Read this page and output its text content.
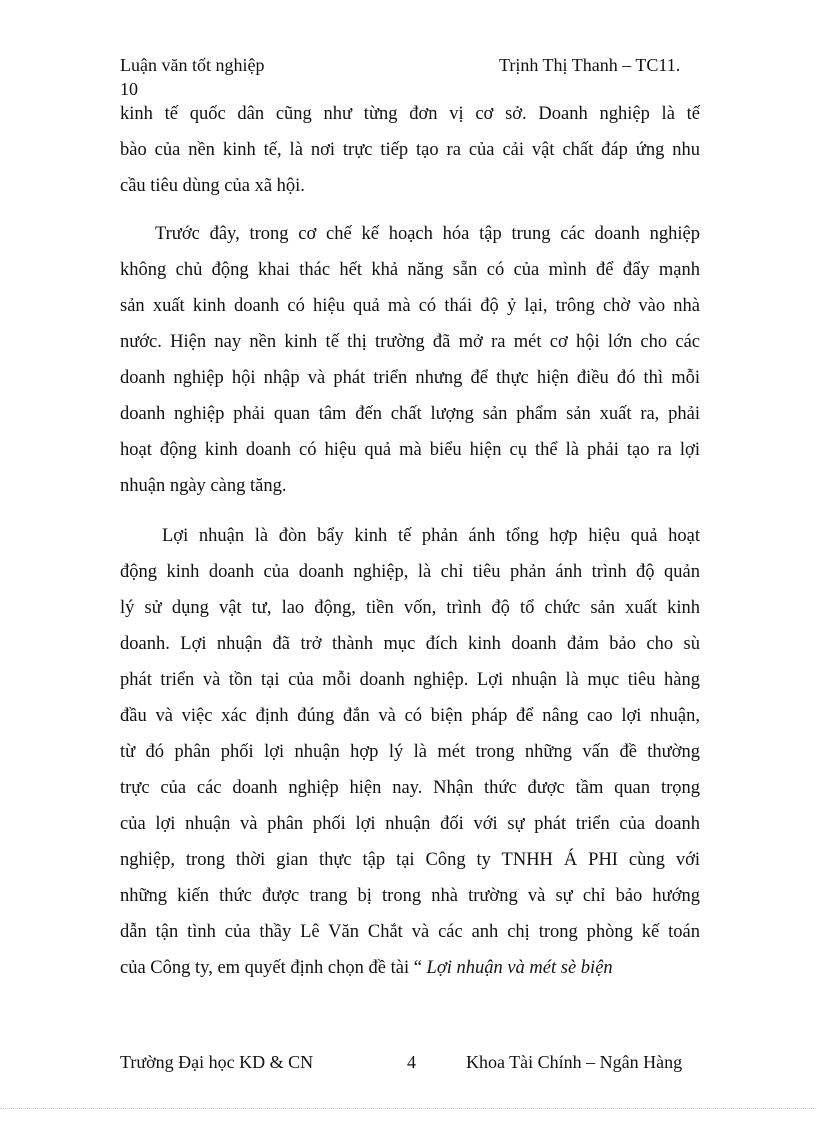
Luận văn tốt nghiệp
10
Trịnh Thị Thanh – TC11.
kinh tế quốc dân cũng như từng đơn vị cơ sở. Doanh nghiệp là tế
bào của nền kinh tế, là nơi trực tiếp tạo ra của cải vật chất đáp ứng nhu
cầu tiêu dùng của xã hội.
Trước đây, trong cơ chế kế hoạch hóa tập trung các doanh nghiệp
không chủ động khai thác hết khả năng sẵn có của mình để đẩy mạnh
sản xuất kinh doanh có hiệu quả mà có thái độ ỷ lại, trông chờ vào nhà
nước. Hiện nay nền kinh tế thị trường đã mở ra mét cơ hội lớn cho các
doanh nghiệp hội nhập và phát triển nhưng để thực hiện điều đó thì mỗi
doanh nghiệp phải quan tâm đến chất lượng sản phẩm sản xuất ra, phải
hoạt động kinh doanh có hiệu quả mà biểu hiện cụ thể là phải tạo ra lợi
nhuận ngày càng tăng.
Lợi nhuận là đòn bẩy kinh tế phản ánh tổng hợp hiệu quả hoạt
động kinh doanh của doanh nghiệp, là chỉ tiêu phản ánh trình độ quản
lý sử dụng vật tư, lao động, tiền vốn, trình độ tổ chức sản xuất kinh
doanh. Lợi nhuận đã trở thành mục đích kinh doanh đảm bảo cho sù
phát triển và tồn tại của mỗi doanh nghiệp. Lợi nhuận là mục tiêu hàng
đầu và việc xác định đúng đắn và có biện pháp để nâng cao lợi nhuận,
từ đó phân phối lợi nhuận hợp lý là mét trong những vấn đề thường
trực của các doanh nghiệp hiện nay. Nhận thức được tầm quan trọng
của lợi nhuận và phân phối lợi nhuận đối với sự phát triển của doanh
nghiệp, trong thời gian thực tập tại Công ty TNHH Á PHI cùng với
những kiến thức được trang bị trong nhà trường và sự chỉ bảo hướng
dẫn tận tình của thầy Lê Văn Chắt và các anh chị trong phòng kế toán
của Công ty, em quyết định chọn đề tài “ Lợi nhuận và mét sè biện
Trường Đại học KD & CN	4	Khoa Tài Chính – Ngân Hàng
